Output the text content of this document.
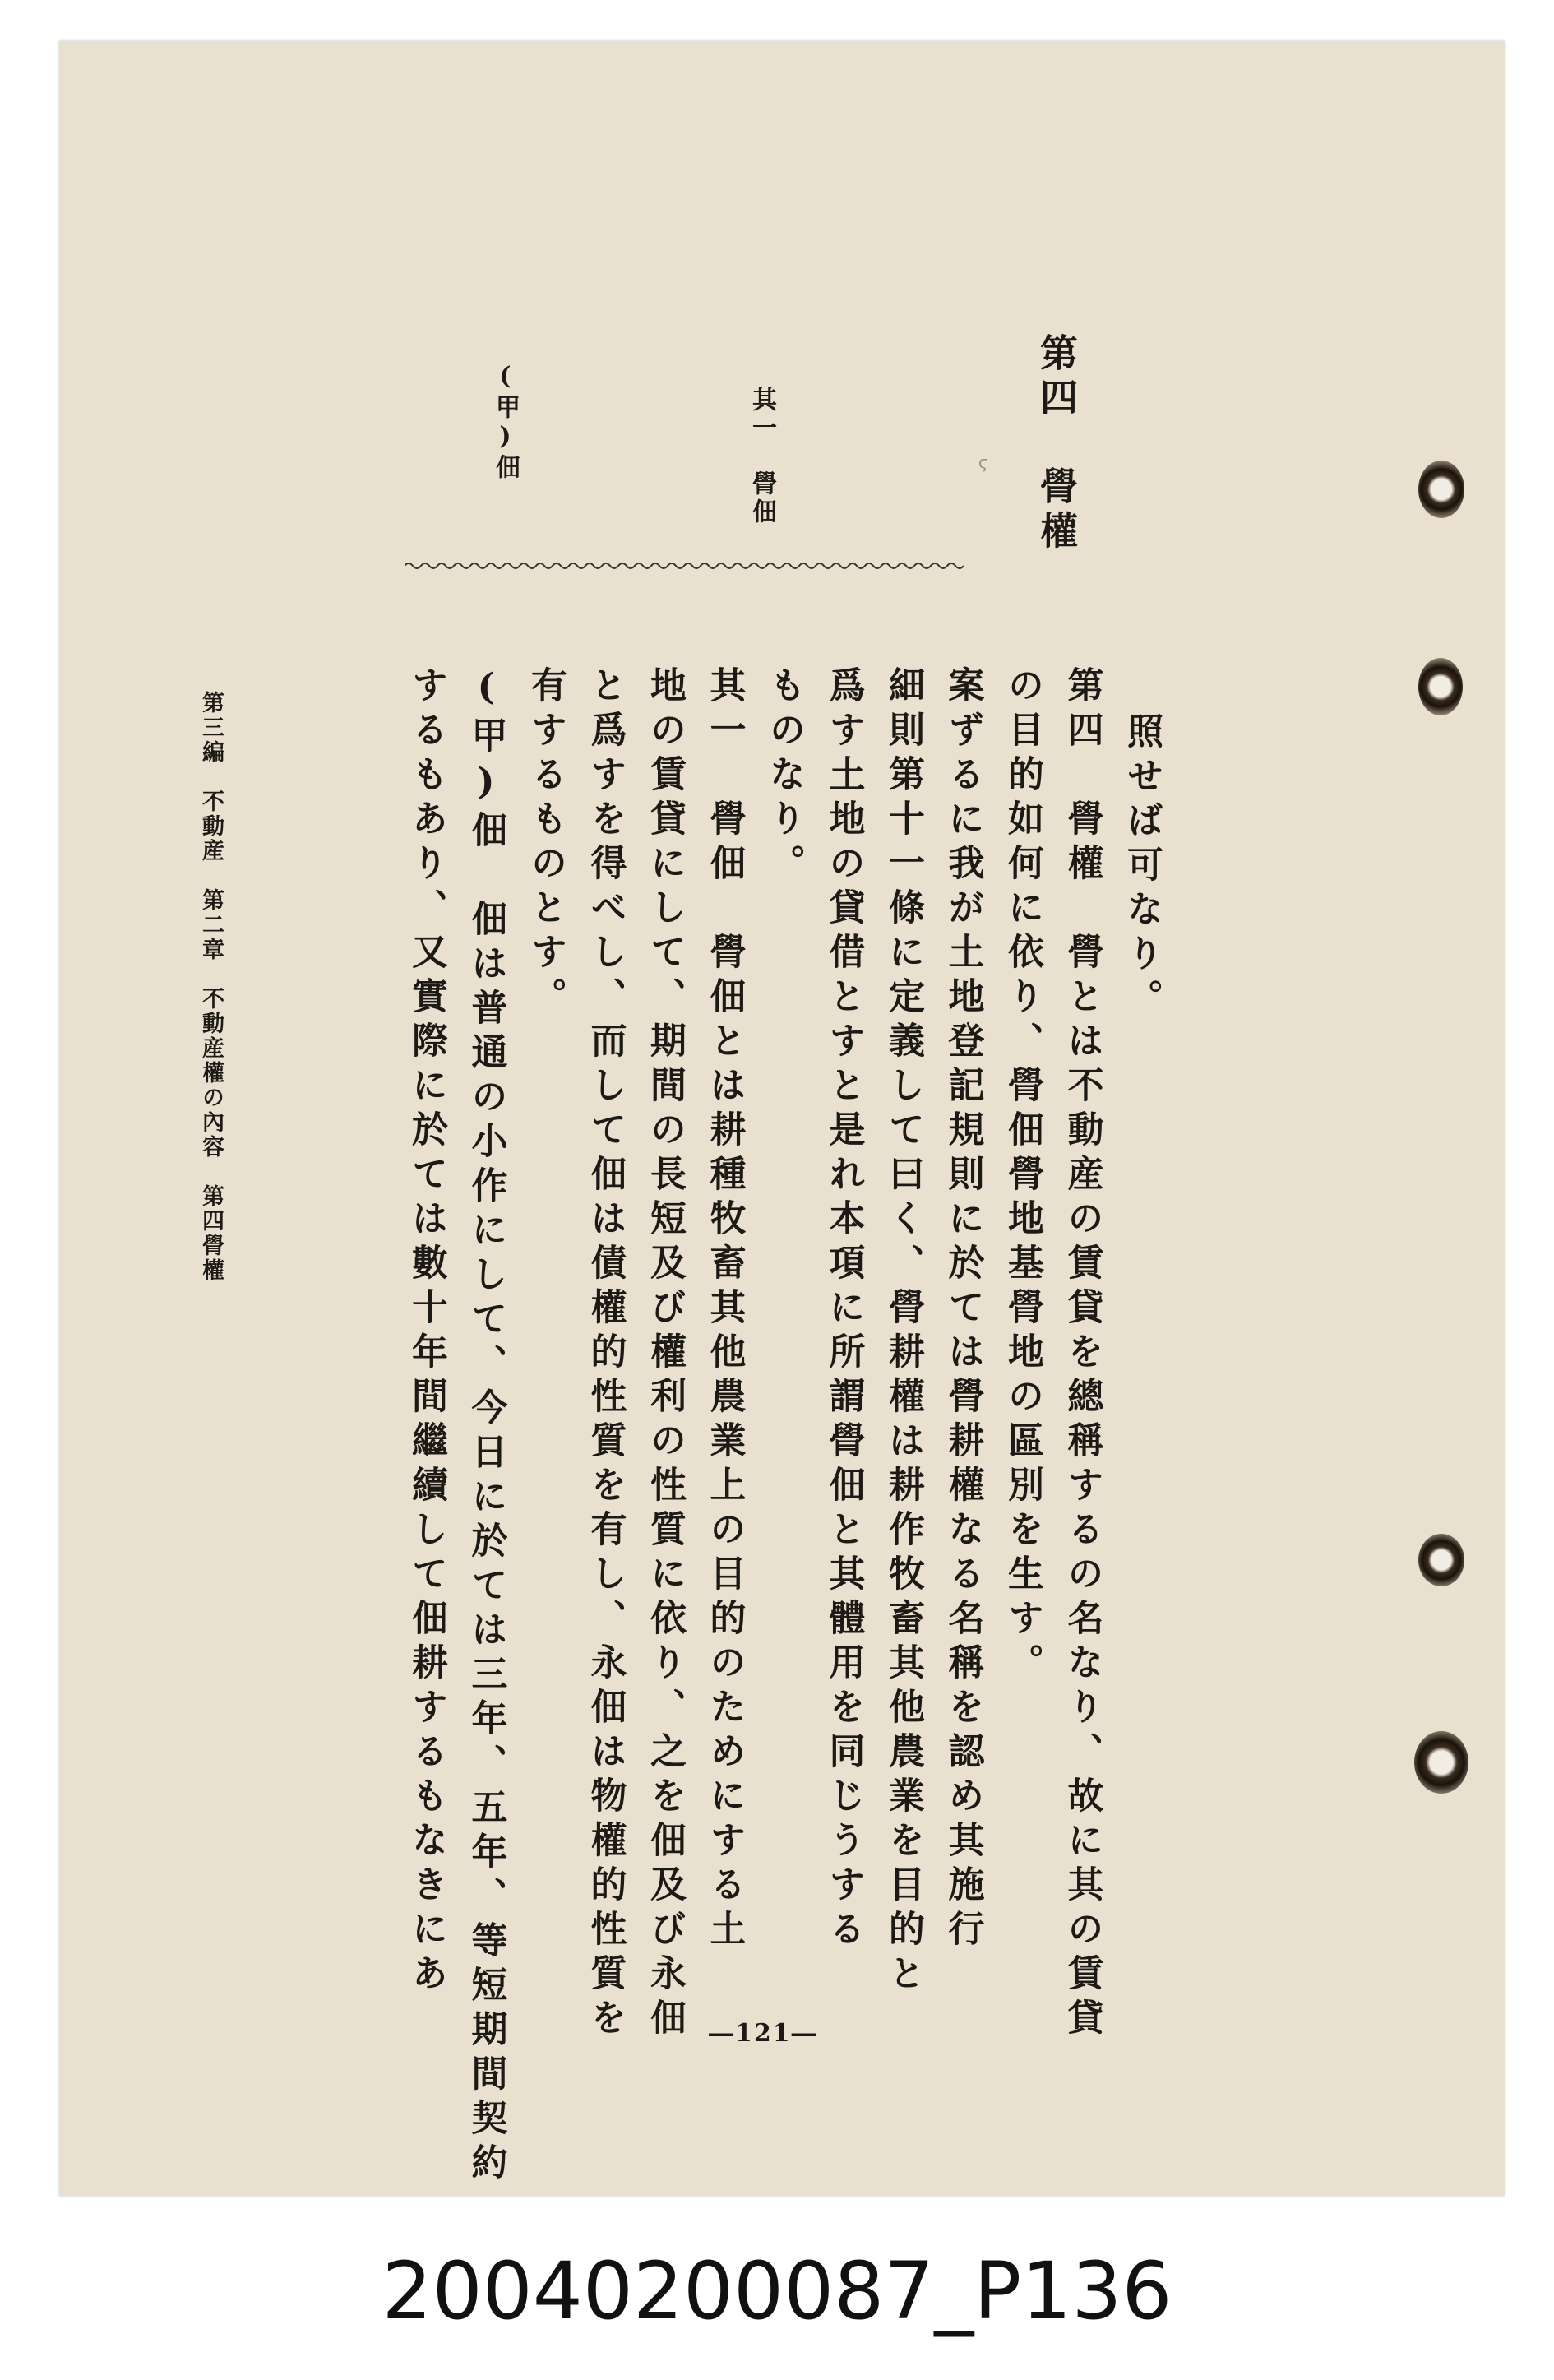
第四　䑁權
其一　䑁佃
(甲)佃	ϛ
照せば可なり。
第四　䑁權　䑁とは不動産の賃貸を總稱するの名なり、故に其の賃貸
の目的如何に依り、䑁佃䑁地基䑁地の區別を生す。
案ずるに我が土地登記規則に於ては䑁耕權なる名稱を認め其施行
細則第十一條に定義して曰く、䑁耕權は耕作牧畜其他農業を目的と
爲す土地の貸借とすと是れ本項に所謂䑁佃と其體用を同じうする
ものなり。
其一　䑁佃　䑁佃とは耕種牧畜其他農業上の目的のためにする土
地の賃貸にして、期間の長短及び權利の性質に依り、之を佃及び永佃
と爲すを得べし、而して佃は債權的性質を有し、永佃は物權的性質を
有するものとす。
(甲)佃　佃は普通の小作にして、今日に於ては三年、五年、等短期間契約
するもあり、又實際に於ては數十年間繼續して佃耕するもなきにあ
第三編　不動産　第二章　不動産權の內容　第四䑁權
―121―
20040200087_P136
